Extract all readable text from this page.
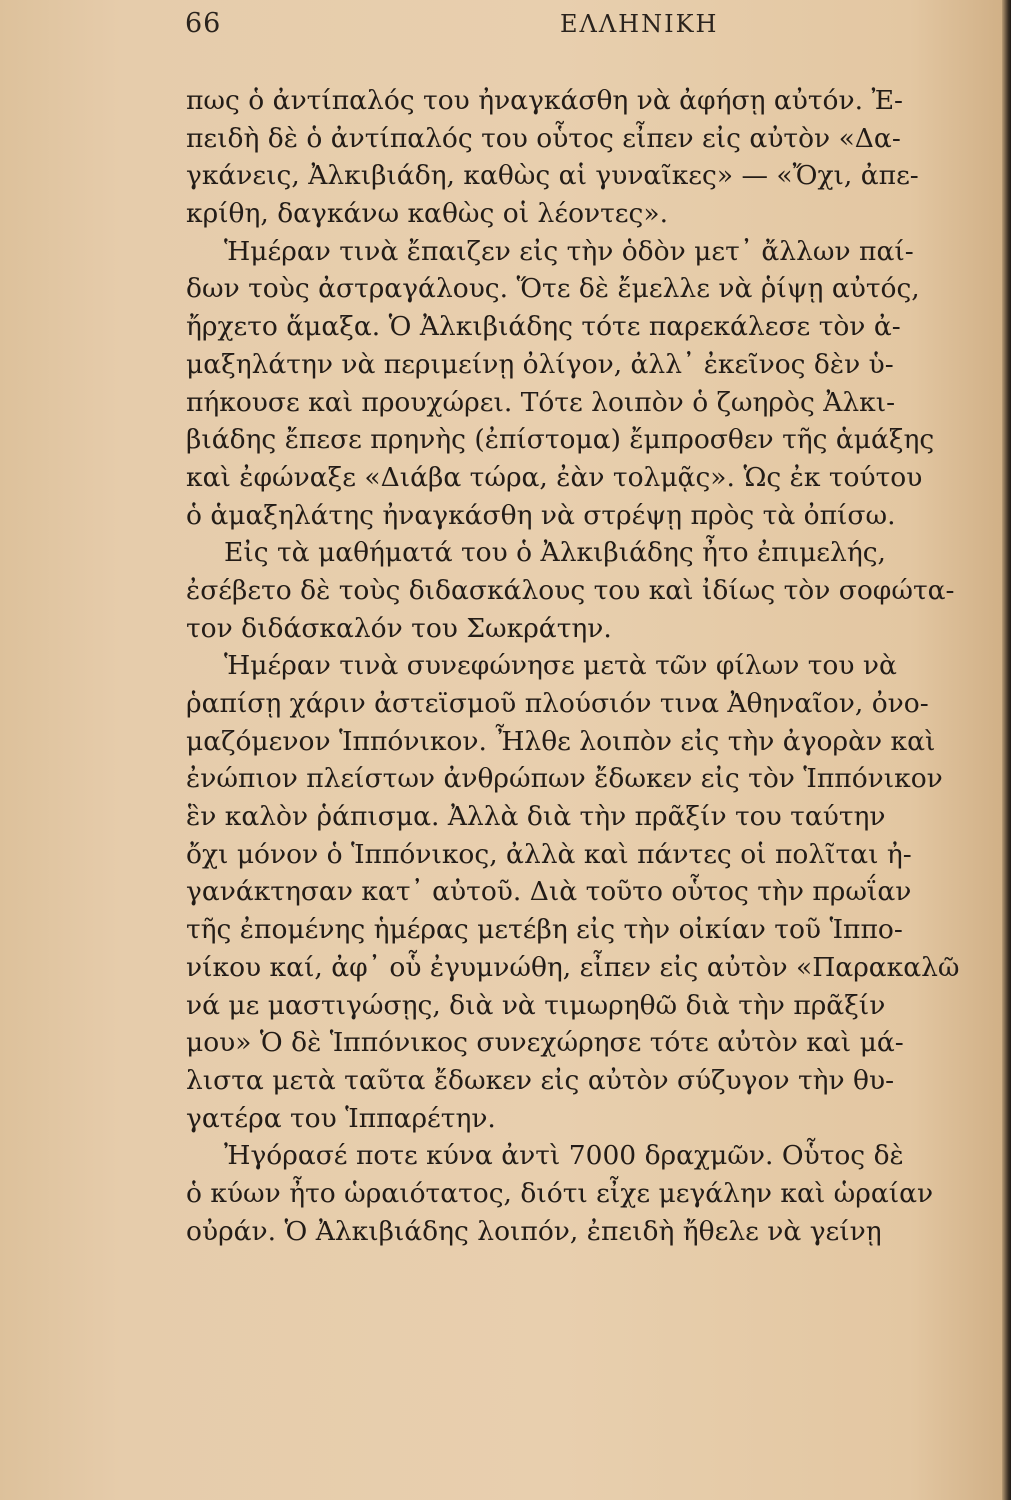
66	ΕΛΛΗΝΙΚΗ
πως ὁ ἀντίπαλός του ἠναγκάσθη νὰ ἀφήσῃ αὐτόν. Ἐ-
πειδὴ δὲ ὁ ἀντίπαλός του οὗτος εἶπεν εἰς αὐτὸν «Δα-
γκάνεις, Ἀλκιβιάδη, καθὼς αἱ γυναῖκες» — «Ὄχι, ἀπε-
κρίθη, δαγκάνω καθὼς οἱ λέοντες».
Ἡμέραν τινὰ ἔπαιζεν εἰς τὴν ὁδὸν μετ᾽ ἄλλων παί-
δων τοὺς ἀστραγάλους. Ὅτε δὲ ἔμελλε νὰ ῥίψῃ αὐτός,
ἤρχετο ἅμαξα. Ὁ Ἀλκιβιάδης τότε παρεκάλεσε τὸν ἀ-
μαξηλάτην νὰ περιμείνῃ ὀλίγον, ἀλλ᾽ ἐκεῖνος δὲν ὑ-
πήκουσε καὶ προυχώρει. Τότε λοιπὸν ὁ ζωηρὸς Ἀλκι-
βιάδης ἔπεσε πρηνὴς (ἐπίστομα) ἔμπροσθεν τῆς ἁμάξης
καὶ ἐφώναξε «Διάβα τώρα, ἐὰν τολμᾷς». Ὡς ἐκ τούτου
ὁ ἁμαξηλάτης ἠναγκάσθη νὰ στρέψῃ πρὸς τὰ ὀπίσω.
Εἰς τὰ μαθήματά του ὁ Ἀλκιβιάδης ἦτο ἐπιμελής,
ἐσέβετο δὲ τοὺς διδασκάλους του καὶ ἰδίως τὸν σοφώτα-
τον διδάσκαλόν του Σωκράτην.
Ἡμέραν τινὰ συνεφώνησε μετὰ τῶν φίλων του νὰ
ῥαπίσῃ χάριν ἀστεϊσμοῦ πλούσιόν τινα Ἀθηναῖον, ὀνο-
μαζόμενον Ἱππόνικον. Ἦλθε λοιπὸν εἰς τὴν ἀγορὰν καὶ
ἐνώπιον πλείστων ἀνθρώπων ἔδωκεν εἰς τὸν Ἱππόνικον
ἓν καλὸν ῥάπισμα. Ἀλλὰ διὰ τὴν πρᾶξίν του ταύτην
ὄχι μόνον ὁ Ἱππόνικος, ἀλλὰ καὶ πάντες οἱ πολῖται ἠ-
γανάκτησαν κατ᾽ αὐτοῦ. Διὰ τοῦτο οὗτος τὴν πρωΐαν
τῆς ἐπομένης ἡμέρας μετέβη εἰς τὴν οἰκίαν τοῦ Ἱππο-
νίκου καί, ἀφ᾽ οὗ ἐγυμνώθη, εἶπεν εἰς αὐτὸν «Παρακαλῶ
νά με μαστιγώσῃς, διὰ νὰ τιμωρηθῶ διὰ τὴν πρᾶξίν
μου» Ὁ δὲ Ἱππόνικος συνεχώρησε τότε αὐτὸν καὶ μά-
λιστα μετὰ ταῦτα ἔδωκεν εἰς αὐτὸν σύζυγον τὴν θυ-
γατέρα του Ἱππαρέτην.
Ἠγόρασέ ποτε κύνα ἀντὶ 7000 δραχμῶν. Οὗτος δὲ
ὁ κύων ἦτο ὡραιότατος, διότι εἶχε μεγάλην καὶ ὡραίαν
οὐράν. Ὁ Ἀλκιβιάδης λοιπόν, ἐπειδὴ ἤθελε νὰ γείνῃ
